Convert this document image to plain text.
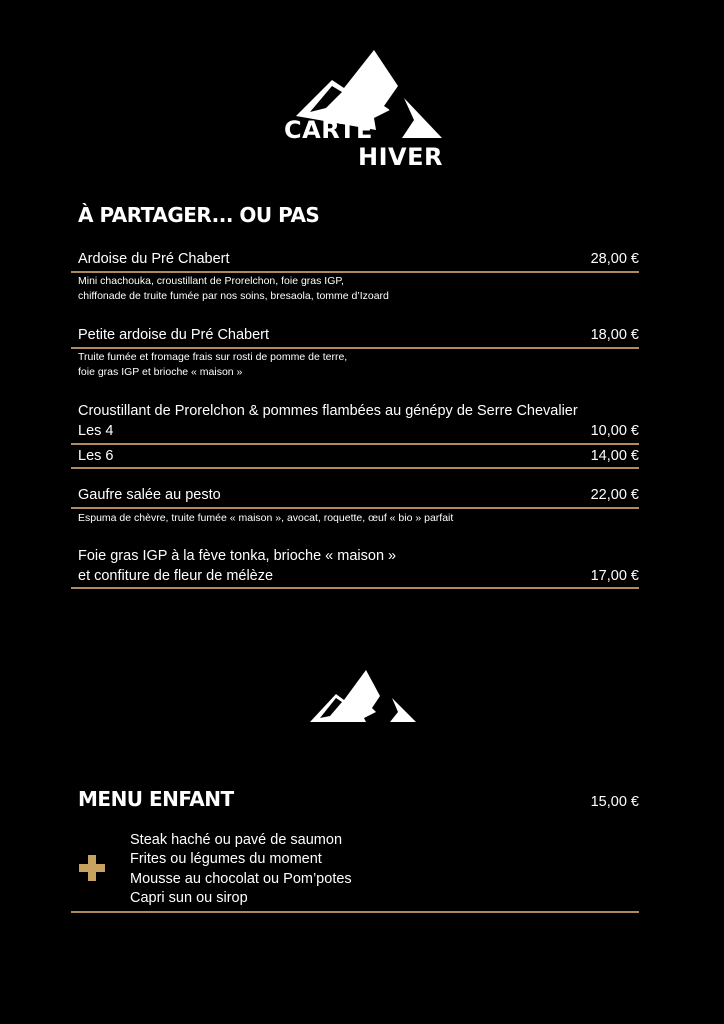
CARTE
HIVER
À PARTAGER... OU PAS
Ardoise du Pré Chabert	28,00 €
Mini chachouka, croustillant de Prorelchon, foie gras IGP,
chiffonade de truite fumée par nos soins, bresaola, tomme d’Izoard
Petite ardoise du Pré Chabert	18,00 €
Truite fumée et fromage frais sur rosti de pomme de terre,
foie gras IGP et brioche « maison »
Croustillant de Prorelchon & pommes flambées au génépy de Serre Chevalier
Les 4	10,00 €
Les 6	14,00 €
Gaufre salée au pesto	22,00 €
Espuma de chèvre, truite fumée « maison », avocat, roquette, œuf « bio » parfait
Foie gras IGP à la fève tonka, brioche « maison »
et confiture de fleur de mélèze	17,00 €
MENU ENFANT	15,00 €
Steak haché ou pavé de saumon
Frites ou légumes du moment
Mousse au chocolat ou Pom’potes
Capri sun ou sirop
